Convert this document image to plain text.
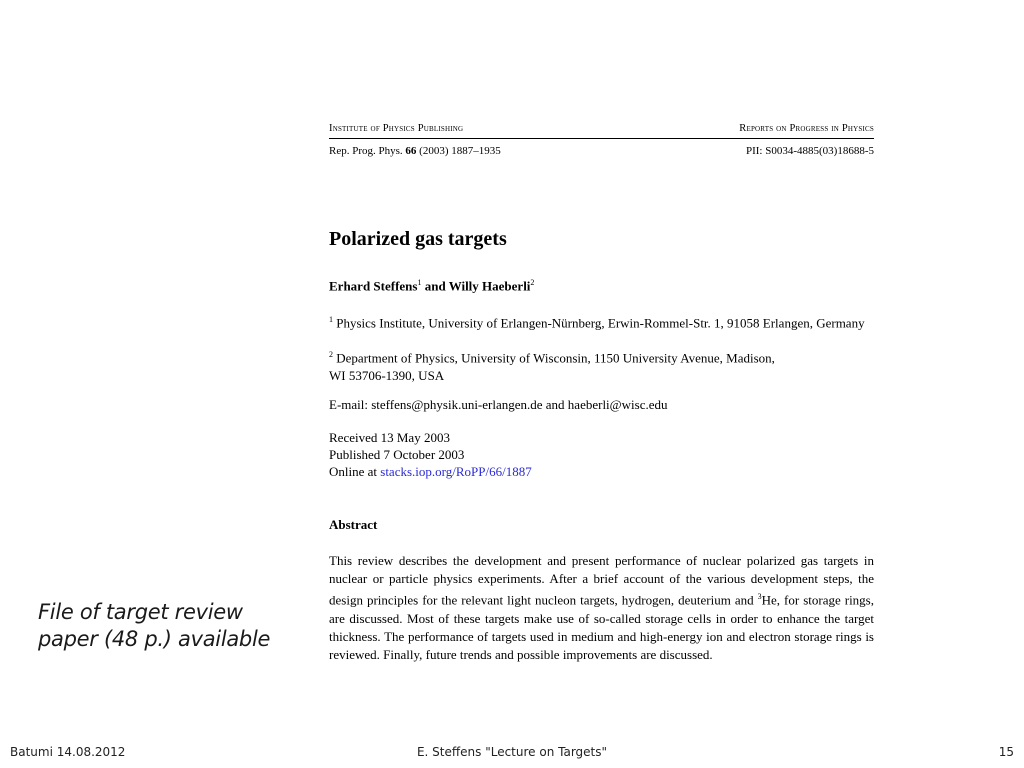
Institute of Physics Publishing	Reports on Progress in Physics
Rep. Prog. Phys. 66 (2003) 1887–1935	PII: S0034-4885(03)18688-5
Polarized gas targets
Erhard Steffens$^1$ and Willy Haeberli$^2$
$^1$ Physics Institute, University of Erlangen-Nürnberg, Erwin-Rommel-Str. 1, 91058 Erlangen, Germany
$^2$ Department of Physics, University of Wisconsin, 1150 University Avenue, Madison,
WI 53706-1390, USA
E-mail: steffens@physik.uni-erlangen.de and haeberli@wisc.edu
Received 13 May 2003
Published 7 October 2003
Online at stacks.iop.org/RoPP/66/1887
Abstract
This review describes the development and present performance of nuclear polarized gas targets in nuclear or particle physics experiments. After a brief account of the various development steps, the design principles for the relevant light nucleon targets, hydrogen, deuterium and $^3$He, for storage rings, are discussed. Most of these targets make use of so-called storage cells in order to enhance the target thickness. The performance of targets used in medium and high-energy ion and electron storage rings is reviewed. Finally, future trends and possible improvements are discussed.
File of target review
paper (48 p.) available
Batumi 14.08.2012	E. Steffens "Lecture on Targets"	15
